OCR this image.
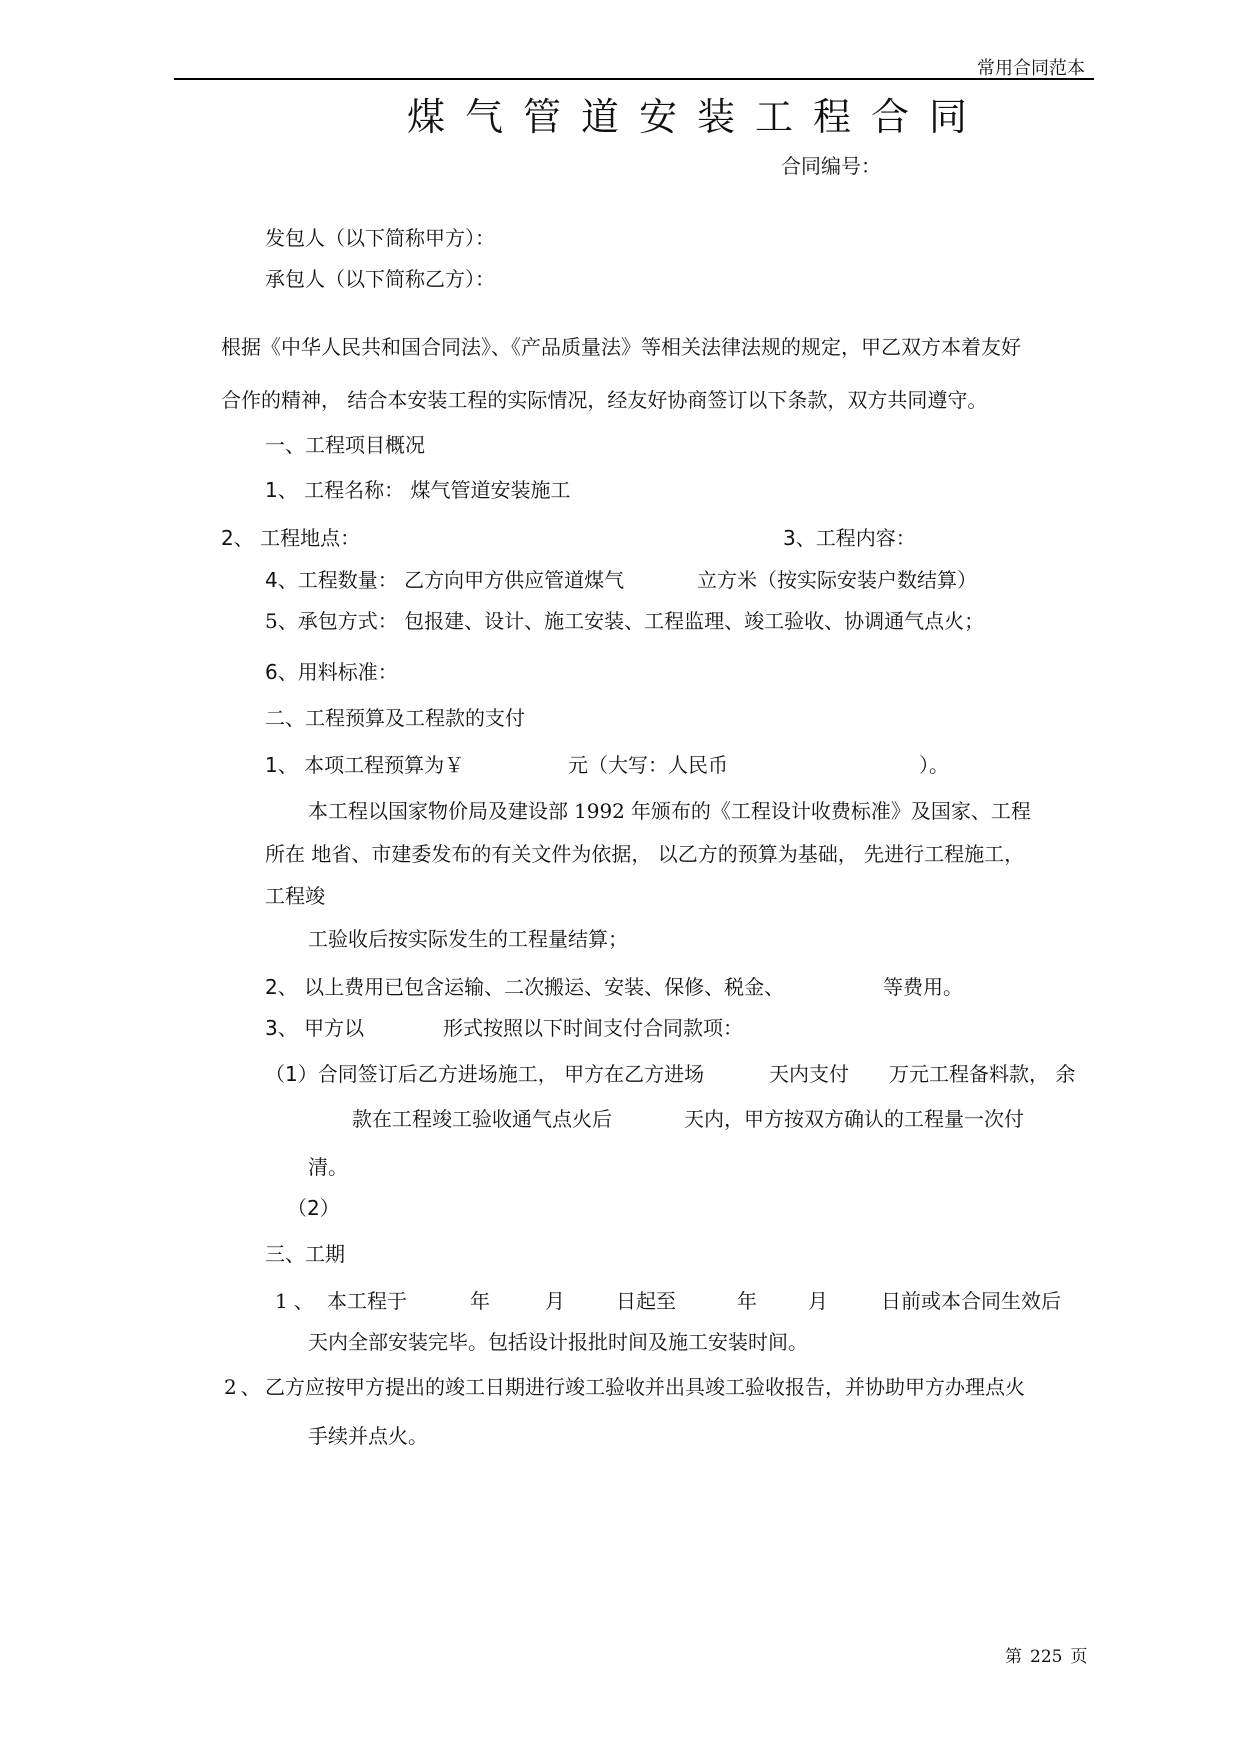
常用合同范本
煤气管道安装工程合同
合同编号：
发包人（以下简称甲方）：
承包人（以下简称乙方）：
根据《中华人民共和国合同法》、《产品质量法》等相关法律法规的规定，甲乙双方本着友好
合作的精神， 结合本安装工程的实际情况，经友好协商签订以下条款，双方共同遵守。
一、工程项目概况
1、 工程名称： 煤气管道安装施工
2、 工程地点：	3、工程内容：
4、工程数量： 乙方向甲方供应管道煤气	立方米（按实际安装户数结算）
5、承包方式： 包报建、设计、施工安装、工程监理、竣工验收、协调通气点火；
6、用料标准：
二、工程预算及工程款的支付
1、 本项工程预算为￥	元（大写：人民币	）。
本工程以国家物价局及建设部 1992 年颁布的《工程设计收费标准》及国家、工程
所在 地省、市建委发布的有关文件为依据， 以乙方的预算为基础， 先进行工程施工，
工程竣
工验收后按实际发生的工程量结算；
2、 以上费用已包含运输、二次搬运、安装、保修、税金、	等费用。
3、 甲方以	形式按照以下时间支付合同款项：
（1）合同签订后乙方进场施工， 甲方在乙方进场	天内支付 万元工程备料款， 余
款在工程竣工验收通气点火后	天内，甲方按双方确认的工程量一次付
清。
（2）
三、工期
1 、 本工程于	年	月	日起至	年	月	日前或本合同生效后
天内全部安装完毕。包括设计报批时间及施工安装时间。
2 、 乙方应按甲方提出的竣工日期进行竣工验收并出具竣工验收报告，并协助甲方办理点火
手续并点火。
第 225 页
